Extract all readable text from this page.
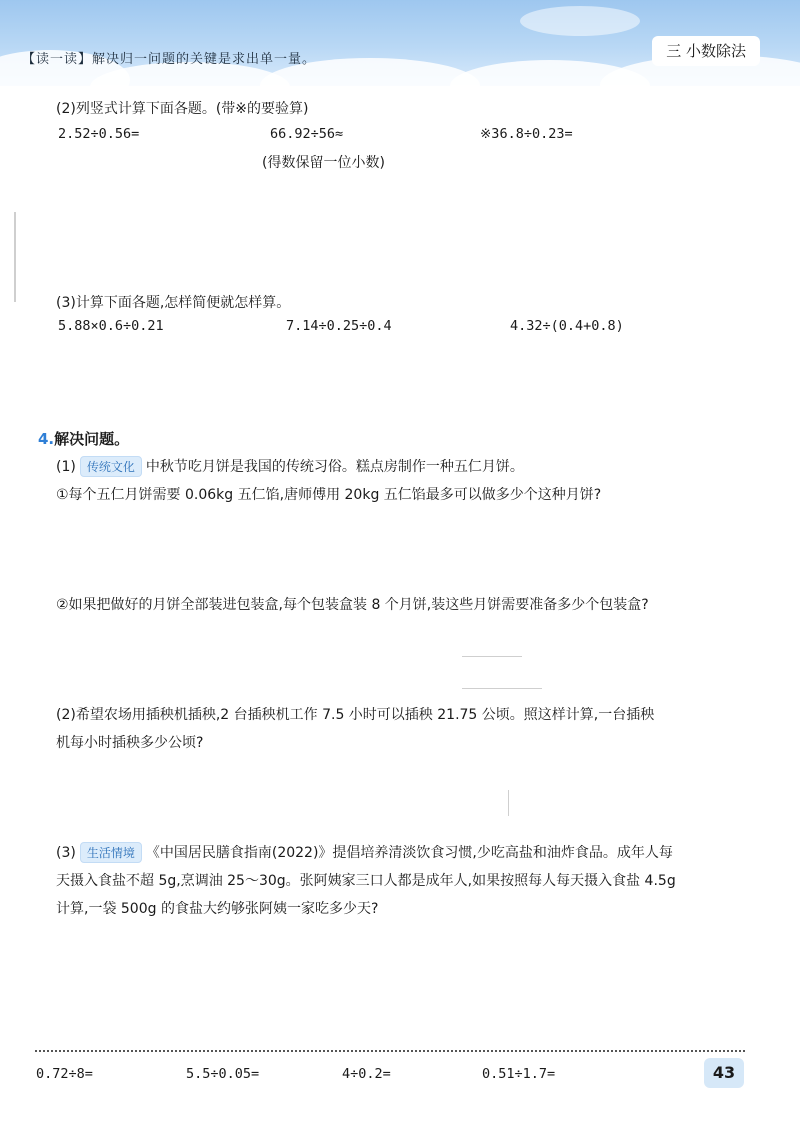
【读一读】解决归一问题的关键是求出单一量。	三 小数除法
(2)列竖式计算下面各题。(带※的要验算)
2.52÷0.56=	66.92÷56≈	※36.8÷0.23=
(得数保留一位小数)
(3)计算下面各题,怎样简便就怎样算。
5.88×0.6÷0.21	7.14÷0.25÷0.4	4.32÷(0.4+0.8)
4.解决问题。
(1) 传统文化 中秋节吃月饼是我国的传统习俗。糕点房制作一种五仁月饼。
①每个五仁月饼需要 0.06kg 五仁馅,唐师傅用 20kg 五仁馅最多可以做多少个这种月饼?
②如果把做好的月饼全部装进包装盒,每个包装盒装 8 个月饼,装这些月饼需要准备多少个包装盒?
(2)希望农场用插秧机插秧,2 台插秧机工作 7.5 小时可以插秧 21.75 公顷。照这样计算,一台插秧
机每小时插秧多少公顷?
(3) 生活情境 《中国居民膳食指南(2022)》提倡培养清淡饮食习惯,少吃高盐和油炸食品。成年人每
天摄入食盐不超 5g,烹调油 25～30g。张阿姨家三口人都是成年人,如果按照每人每天摄入食盐 4.5g
计算,一袋 500g 的食盐大约够张阿姨一家吃多少天?
0.72÷8=	5.5÷0.05=	4÷0.2=	0.51÷1.7=	43
